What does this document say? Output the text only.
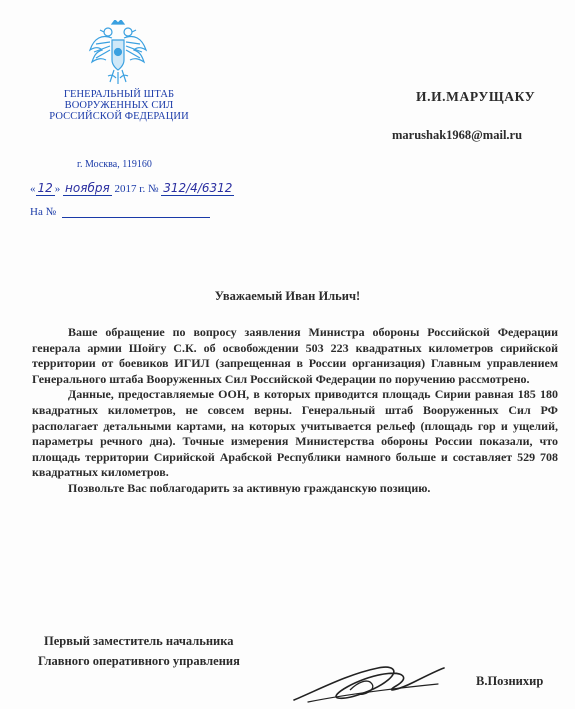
ГЕНЕРАЛЬНЫЙ ШТАБ
ВООРУЖЕННЫХ СИЛ
РОССИЙСКОЙ ФЕДЕРАЦИИ
г. Москва, 119160
« 12 » ноября 2017 г. № 312/4/6312
На №
И.И.МАРУЩАКУ
marushak1968@mail.ru
Уважаемый Иван Ильич!

Ваше обращение по вопросу заявления Министра обороны Российской Федерации генерала армии Шойгу С.К. об освобождении 503 223 квадратных километров сирийской территории от боевиков ИГИЛ (запрещенная в России организация) Главным управлением Генерального штаба Вооруженных Сил Российской Федерации по поручению рассмотрено.

Данные, предоставляемые ООН, в которых приводится площадь Сирии равная 185 180 квадратных километров, не совсем верны. Генеральный штаб Вооруженных Сил РФ располагает детальными картами, на которых учитывается рельеф (площадь гор и ущелий, параметры речного дна). Точные измерения Министерства обороны России показали, что площадь территории Сирийской Арабской Республики намного больше и составляет 529 708 квадратных километров.

Позвольте Вас поблагодарить за активную гражданскую позицию.

Первый заместитель начальника
Главного оперативного управления
В.Познихир
